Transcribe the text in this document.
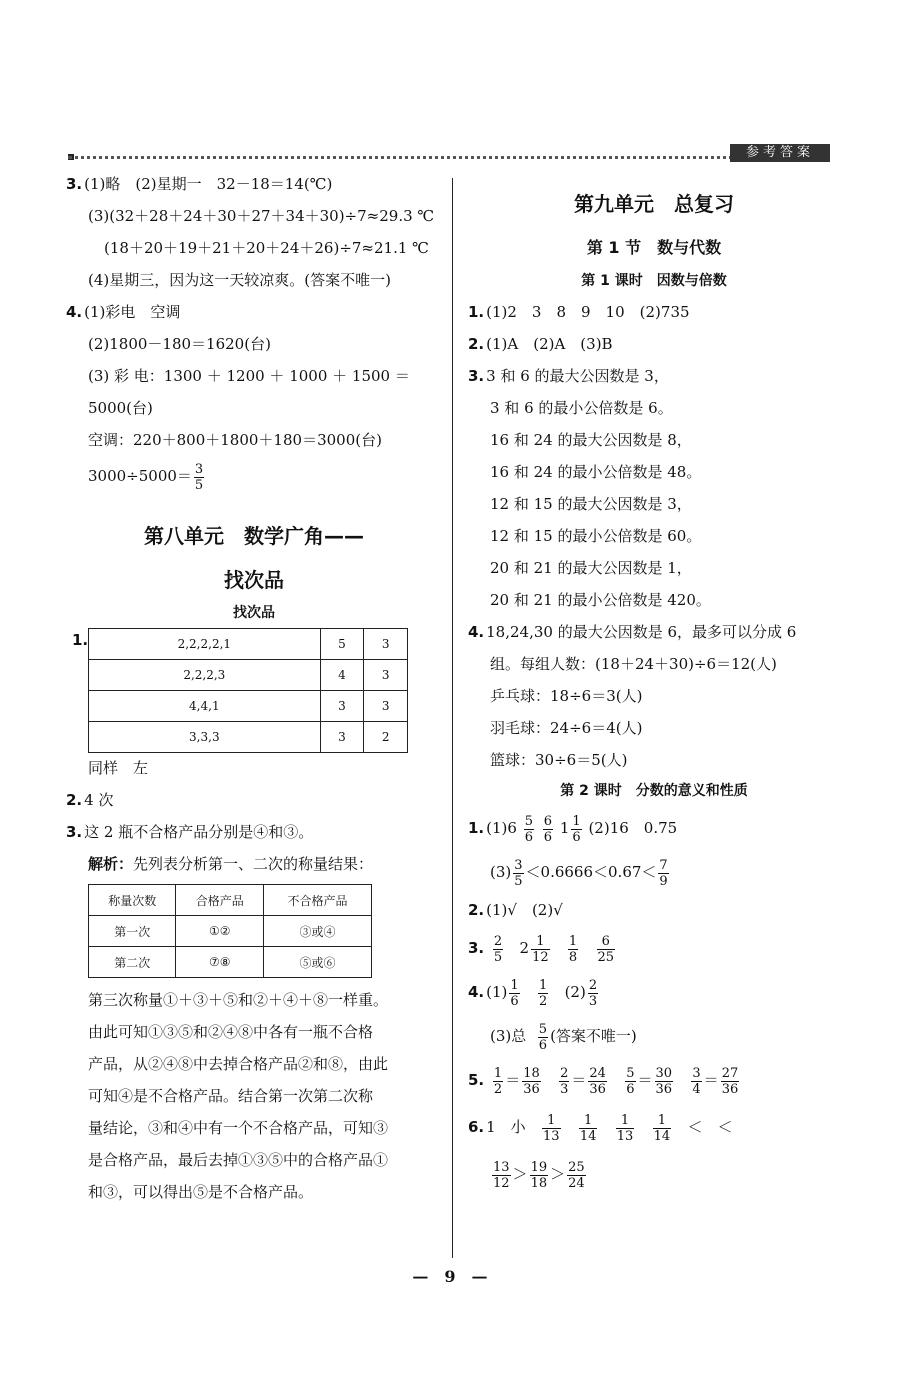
参考答案
3. (1)略　(2)星期一　32－18＝14(℃)
(3)(32＋28＋24＋30＋27＋34＋30)÷7≈29.3 ℃
(18＋20＋19＋21＋20＋24＋26)÷7≈21.1 ℃
(4)星期三，因为这一天较凉爽。(答案不唯一)
4. (1)彩电　空调
(2)1800－180＝1620(台)
(3) 彩 电：1300 ＋ 1200 ＋ 1000 ＋ 1500 ＝
5000(台)
空调：220＋800＋1800＋180＝3000(台)
$3000\div 5000= \frac{3}{5}$
第八单元　数学广角——
找次品
找次品
1.	2,2,2,2,1	5	3
2,2,2,3	4	3
4,4,1	3	3
3,3,3	3	2
同样　左
2. 4 次
3. 这 2 瓶不合格产品分别是④和③。
解析：先列表分析第一、二次的称量结果：
称量次数	合格产品	不合格产品
第一次	①②	③或④
第二次	⑦⑧	⑤或⑥
第三次称量①＋③＋⑤和②＋④＋⑧一样重。
由此可知①③⑤和②④⑧中各有一瓶不合格
产品，从②④⑧中去掉合格产品②和⑧，由此
可知④是不合格产品。结合第一次第二次称
量结论，③和④中有一个不合格产品，可知③
是合格产品，最后去掉①③⑤中的合格产品①
和③，可以得出⑤是不合格产品。
第九单元　总复习
第 1 节　数与代数
第 1 课时　因数与倍数
1. (1)2　3　8　9　10　(2)735
2. (1)A　(2)A　(3)B
3. 3 和 6 的最大公因数是 3，
3 和 6 的最小公倍数是 6。
16 和 24 的最大公因数是 8，
16 和 24 的最小公倍数是 48。
12 和 15 的最大公因数是 3，
12 和 15 的最小公倍数是 60。
20 和 21 的最大公因数是 1，
20 和 21 的最小公倍数是 420。
4. 18,24,30 的最大公因数是 6，最多可以分成 6
组。每组人数：(18＋24＋30)÷6＝12(人)
乒乓球：18÷6＝3(人)
羽毛球：24÷6＝4(人)
篮球：30÷6＝5(人)
第 2 课时　分数的意义和性质
1. $(1)6 \frac{5}{6}$
$\frac{6}{6} 1 \frac{1}{6} (2)16$　0.75
$(3) \frac{3}{5} <0.6666<0.67< \frac{7}{9}$
2. (1)√　(2)√
3. $\frac{2}{5} 2 \frac{1}{12}$
$\frac{1}{8}$
$\frac{6}{25}$
4. $(1) \frac{1}{6}$
$\frac{1}{2} (2) \frac{2}{3}$
(3)总 $\frac{5}{6}$ (答案不唯一)
5. $\frac{1}{2} = \frac{18}{36}$
$\frac{2}{3} = \frac{24}{36}$
$\frac{5}{6} = \frac{30}{36}$
$\frac{3}{4} = \frac{27}{36}$
6. 1　小 $\frac{1}{13}$
$\frac{1}{14}$
$\frac{1}{13}$
$\frac{1}{14}$ ＜　＜
$\frac{13}{12} > \frac{19}{18} > \frac{25}{24}$
—　9　—
